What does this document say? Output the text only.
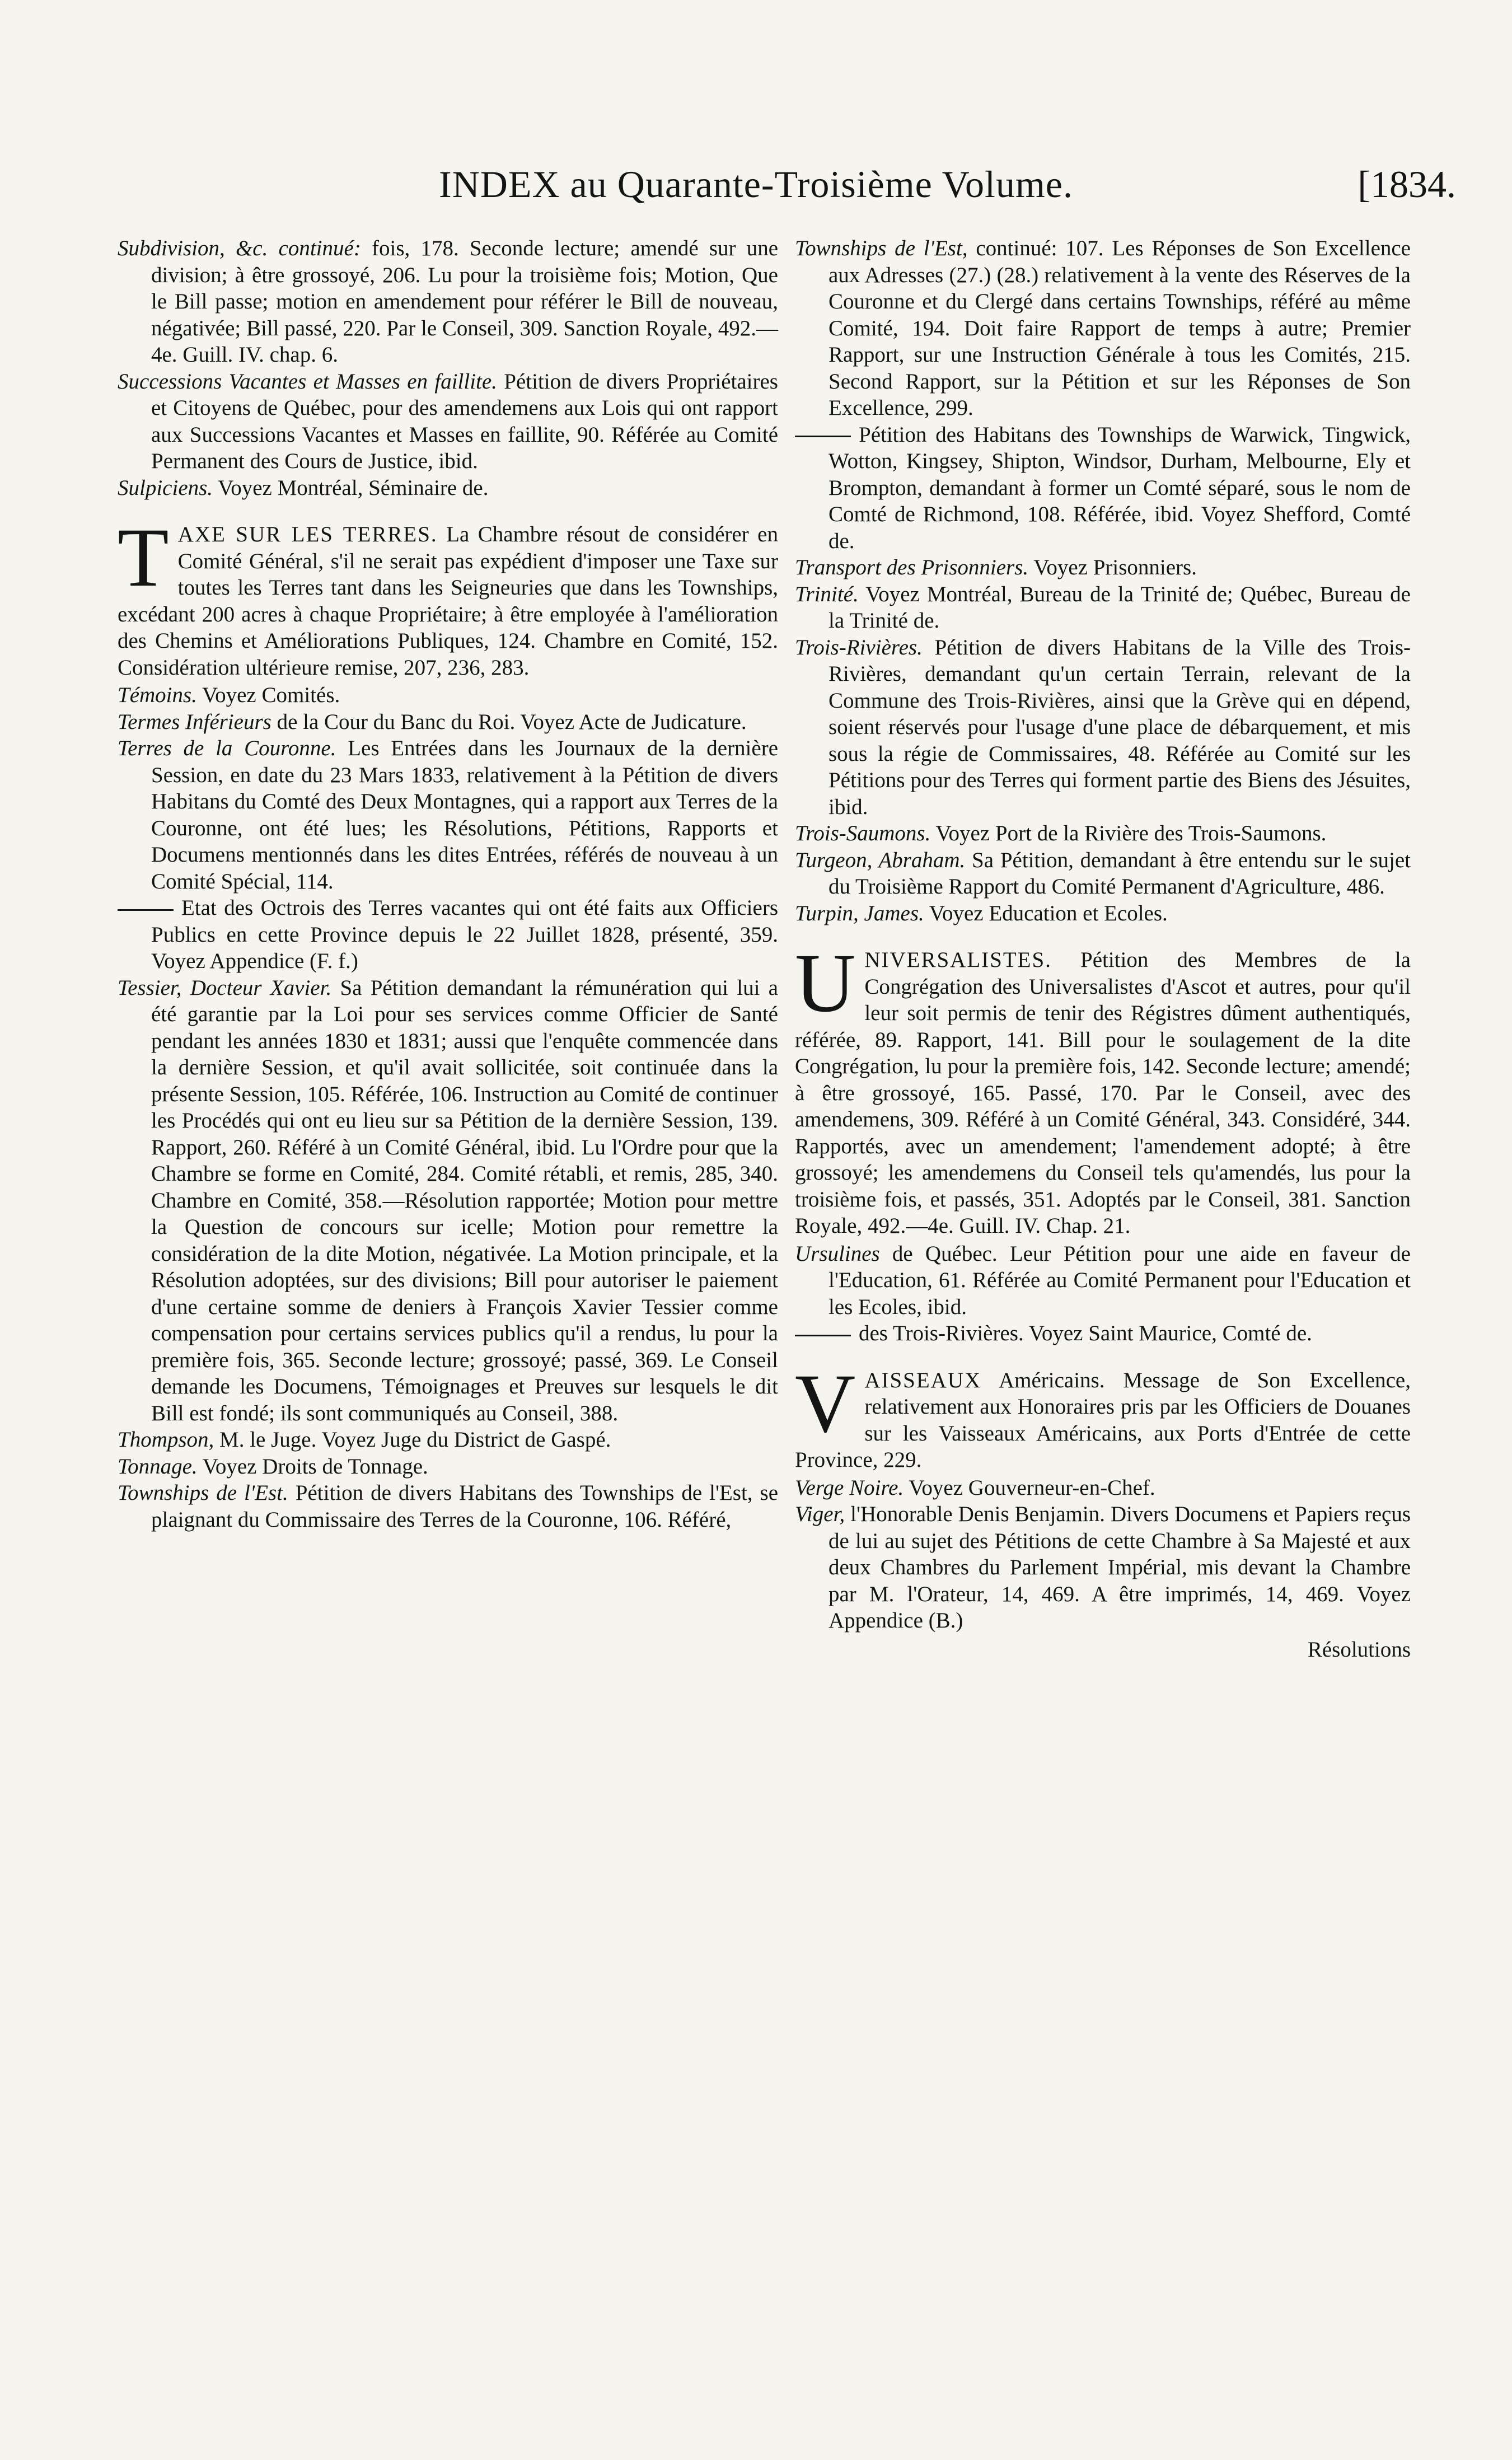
INDEX au Quarante-Troisième Volume.	[1834.

Subdivision, &c. continué: fois, 178. Seconde lecture; amendé sur une division; à être grossoyé, 206. Lu pour la troisième fois; Motion, Que le Bill passe; motion en amendement pour référer le Bill de nouveau, négativée; Bill passé, 220. Par le Conseil, 309. Sanction Royale, 492.—4e. Guill. IV. chap. 6.

Successions Vacantes et Masses en faillite. Pétition de divers Propriétaires et Citoyens de Québec, pour des amendemens aux Lois qui ont rapport aux Successions Vacantes et Masses en faillite, 90. Référée au Comité Permanent des Cours de Justice, ibid.

Sulpiciens. Voyez Montréal, Séminaire de.

TAXE SUR LES TERRES. La Chambre résout de considérer en Comité Général, s'il ne serait pas expédient d'imposer une Taxe sur toutes les Terres tant dans les Seigneuries que dans les Townships, excédant 200 acres à chaque Propriétaire; à être employée à l'amélioration des Chemins et Améliorations Publiques, 124. Chambre en Comité, 152. Considération ultérieure remise, 207, 236, 283.

Témoins. Voyez Comités.

Termes Inférieurs de la Cour du Banc du Roi. Voyez Acte de Judicature.

Terres de la Couronne. Les Entrées dans les Journaux de la dernière Session, en date du 23 Mars 1833, relativement à la Pétition de divers Habitans du Comté des Deux Montagnes, qui a rapport aux Terres de la Couronne, ont été lues; les Résolutions, Pétitions, Rapports et Documens mentionnés dans les dites Entrées, référés de nouveau à un Comité Spécial, 114.

Etat des Octrois des Terres vacantes qui ont été faits aux Officiers Publics en cette Province depuis le 22 Juillet 1828, présenté, 359. Voyez Appendice (F. f.)

Tessier, Docteur Xavier. Sa Pétition demandant la rémunération qui lui a été garantie par la Loi pour ses services comme Officier de Santé pendant les années 1830 et 1831; aussi que l'enquête commencée dans la dernière Session, et qu'il avait sollicitée, soit continuée dans la présente Session, 105. Référée, 106. Instruction au Comité de continuer les Procédés qui ont eu lieu sur sa Pétition de la dernière Session, 139. Rapport, 260. Référé à un Comité Général, ibid. Lu l'Ordre pour que la Chambre se forme en Comité, 284. Comité rétabli, et remis, 285, 340. Chambre en Comité, 358.—Résolution rapportée; Motion pour mettre la Question de concours sur icelle; Motion pour remettre la considération de la dite Motion, négativée. La Motion principale, et la Résolution adoptées, sur des divisions; Bill pour autoriser le paiement d'une certaine somme de deniers à François Xavier Tessier comme compensation pour certains services publics qu'il a rendus, lu pour la première fois, 365. Seconde lecture; grossoyé; passé, 369. Le Conseil demande les Documens, Témoignages et Preuves sur lesquels le dit Bill est fondé; ils sont communiqués au Conseil, 388.

Thompson, M. le Juge. Voyez Juge du District de Gaspé.

Tonnage. Voyez Droits de Tonnage.

Townships de l'Est. Pétition de divers Habitans des Townships de l'Est, se plaignant du Commissaire des Terres de la Couronne, 106. Référé,

Townships de l'Est, continué: 107. Les Réponses de Son Excellence aux Adresses (27.) (28.) relativement à la vente des Réserves de la Couronne et du Clergé dans certains Townships, référé au même Comité, 194. Doit faire Rapport de temps à autre; Premier Rapport, sur une Instruction Générale à tous les Comités, 215. Second Rapport, sur la Pétition et sur les Réponses de Son Excellence, 299.

Pétition des Habitans des Townships de Warwick, Tingwick, Wotton, Kingsey, Shipton, Windsor, Durham, Melbourne, Ely et Brompton, demandant à former un Comté séparé, sous le nom de Comté de Richmond, 108. Référée, ibid. Voyez Shefford, Comté de.

Transport des Prisonniers. Voyez Prisonniers.

Trinité. Voyez Montréal, Bureau de la Trinité de; Québec, Bureau de la Trinité de.

Trois-Rivières. Pétition de divers Habitans de la Ville des Trois-Rivières, demandant qu'un certain Terrain, relevant de la Commune des Trois-Rivières, ainsi que la Grève qui en dépend, soient réservés pour l'usage d'une place de débarquement, et mis sous la régie de Commissaires, 48. Référée au Comité sur les Pétitions pour des Terres qui forment partie des Biens des Jésuites, ibid.

Trois-Saumons. Voyez Port de la Rivière des Trois-Saumons.

Turgeon, Abraham. Sa Pétition, demandant à être entendu sur le sujet du Troisième Rapport du Comité Permanent d'Agriculture, 486.

Turpin, James. Voyez Education et Ecoles.

UNIVERSALISTES. Pétition des Membres de la Congrégation des Universalistes d'Ascot et autres, pour qu'il leur soit permis de tenir des Régistres dûment authentiqués, référée, 89. Rapport, 141. Bill pour le soulagement de la dite Congrégation, lu pour la première fois, 142. Seconde lecture; amendé; à être grossoyé, 165. Passé, 170. Par le Conseil, avec des amendemens, 309. Référé à un Comité Général, 343. Considéré, 344. Rapportés, avec un amendement; l'amendement adopté; à être grossoyé; les amendemens du Conseil tels qu'amendés, lus pour la troisième fois, et passés, 351. Adoptés par le Conseil, 381. Sanction Royale, 492.—4e. Guill. IV. Chap. 21.

Ursulines de Québec. Leur Pétition pour une aide en faveur de l'Education, 61. Référée au Comité Permanent pour l'Education et les Ecoles, ibid.

des Trois-Rivières. Voyez Saint Maurice, Comté de.

VAISSEAUX Américains. Message de Son Excellence, relativement aux Honoraires pris par les Officiers de Douanes sur les Vaisseaux Américains, aux Ports d'Entrée de cette Province, 229.

Verge Noire. Voyez Gouverneur-en-Chef.

Viger, l'Honorable Denis Benjamin. Divers Documens et Papiers reçus de lui au sujet des Pétitions de cette Chambre à Sa Majesté et aux deux Chambres du Parlement Impérial, mis devant la Chambre par M. l'Orateur, 14, 469. A être imprimés, 14, 469. Voyez Appendice (B.)

Résolutions
